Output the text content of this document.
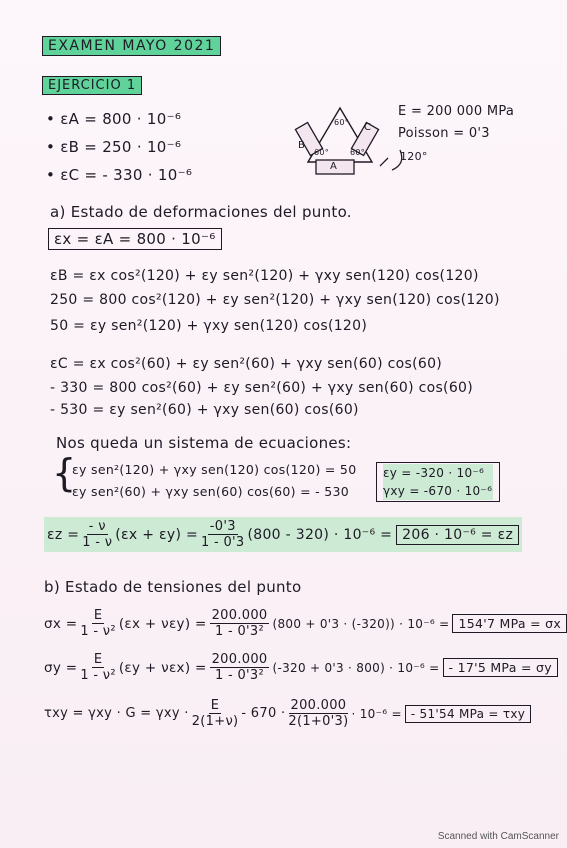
EXAMEN MAYO 2021
EJERCICIO 1
• εA = 800 · 10⁻⁶
• εB = 250 · 10⁻⁶
• εC = - 330 · 10⁻⁶
E = 200 000 MPa
Poisson = 0'3
A
B
C
60°
60°
60°	120°
a) Estado de deformaciones del punto.
εx = εA = 800 · 10⁻⁶
εB = εx cos²(120) + εy sen²(120) + γxy sen(120) cos(120)
250 = 800 cos²(120) + εy sen²(120) + γxy sen(120) cos(120)
50 = εy sen²(120) + γxy sen(120) cos(120)
εC = εx cos²(60) + εy sen²(60) + γxy sen(60) cos(60)
- 330 = 800 cos²(60) + εy sen²(60) + γxy sen(60) cos(60)
- 530 = εy sen²(60) + γxy sen(60) cos(60)
Nos queda un sistema de ecuaciones:
{
εy sen²(120) + γxy sen(120) cos(120) = 50
εy sen²(60) + γxy sen(60) cos(60) = - 530
εy = -320 · 10⁻⁶
γxy = -670 · 10⁻⁶
$\varepsilon z = \frac{- \nu}{1 - \nu} (\varepsilon x + \varepsilon y) = \frac{-0'3}{1 - 0'3} (800 - 320) \cdot 10^{-6} = 206 \cdot 10^{-6} = \varepsilon z$
b) Estado de tensiones del punto
$\sigma x = \frac{E}{\text{1 - ν²}} (\varepsilon x + \nu\varepsilon y) = \frac{200.000}{\text{1 - 0'3²}} (800 + 0'3 \cdot (-320)) \cdot 10^{-6} = 154'7$ MPa = σx
$\sigma y = \frac{E}{\text{1 - ν²}} (\varepsilon y + \nu\varepsilon x) = \frac{200.000}{\text{1 - 0'3²}} (-320 + 0'3 \cdot 800) \cdot 10^{-6}$ = - 17'5 MPa = σy
$\tau xy = \gamma xy \cdot G = \gamma xy \cdot \frac{E}{2(1+\nu)} - 670 \cdot \frac{200.000}{2(1+0'3)} \cdot 10^{-6}$ = - 51'54 MPa = τxy
Scanned with CamScanner
